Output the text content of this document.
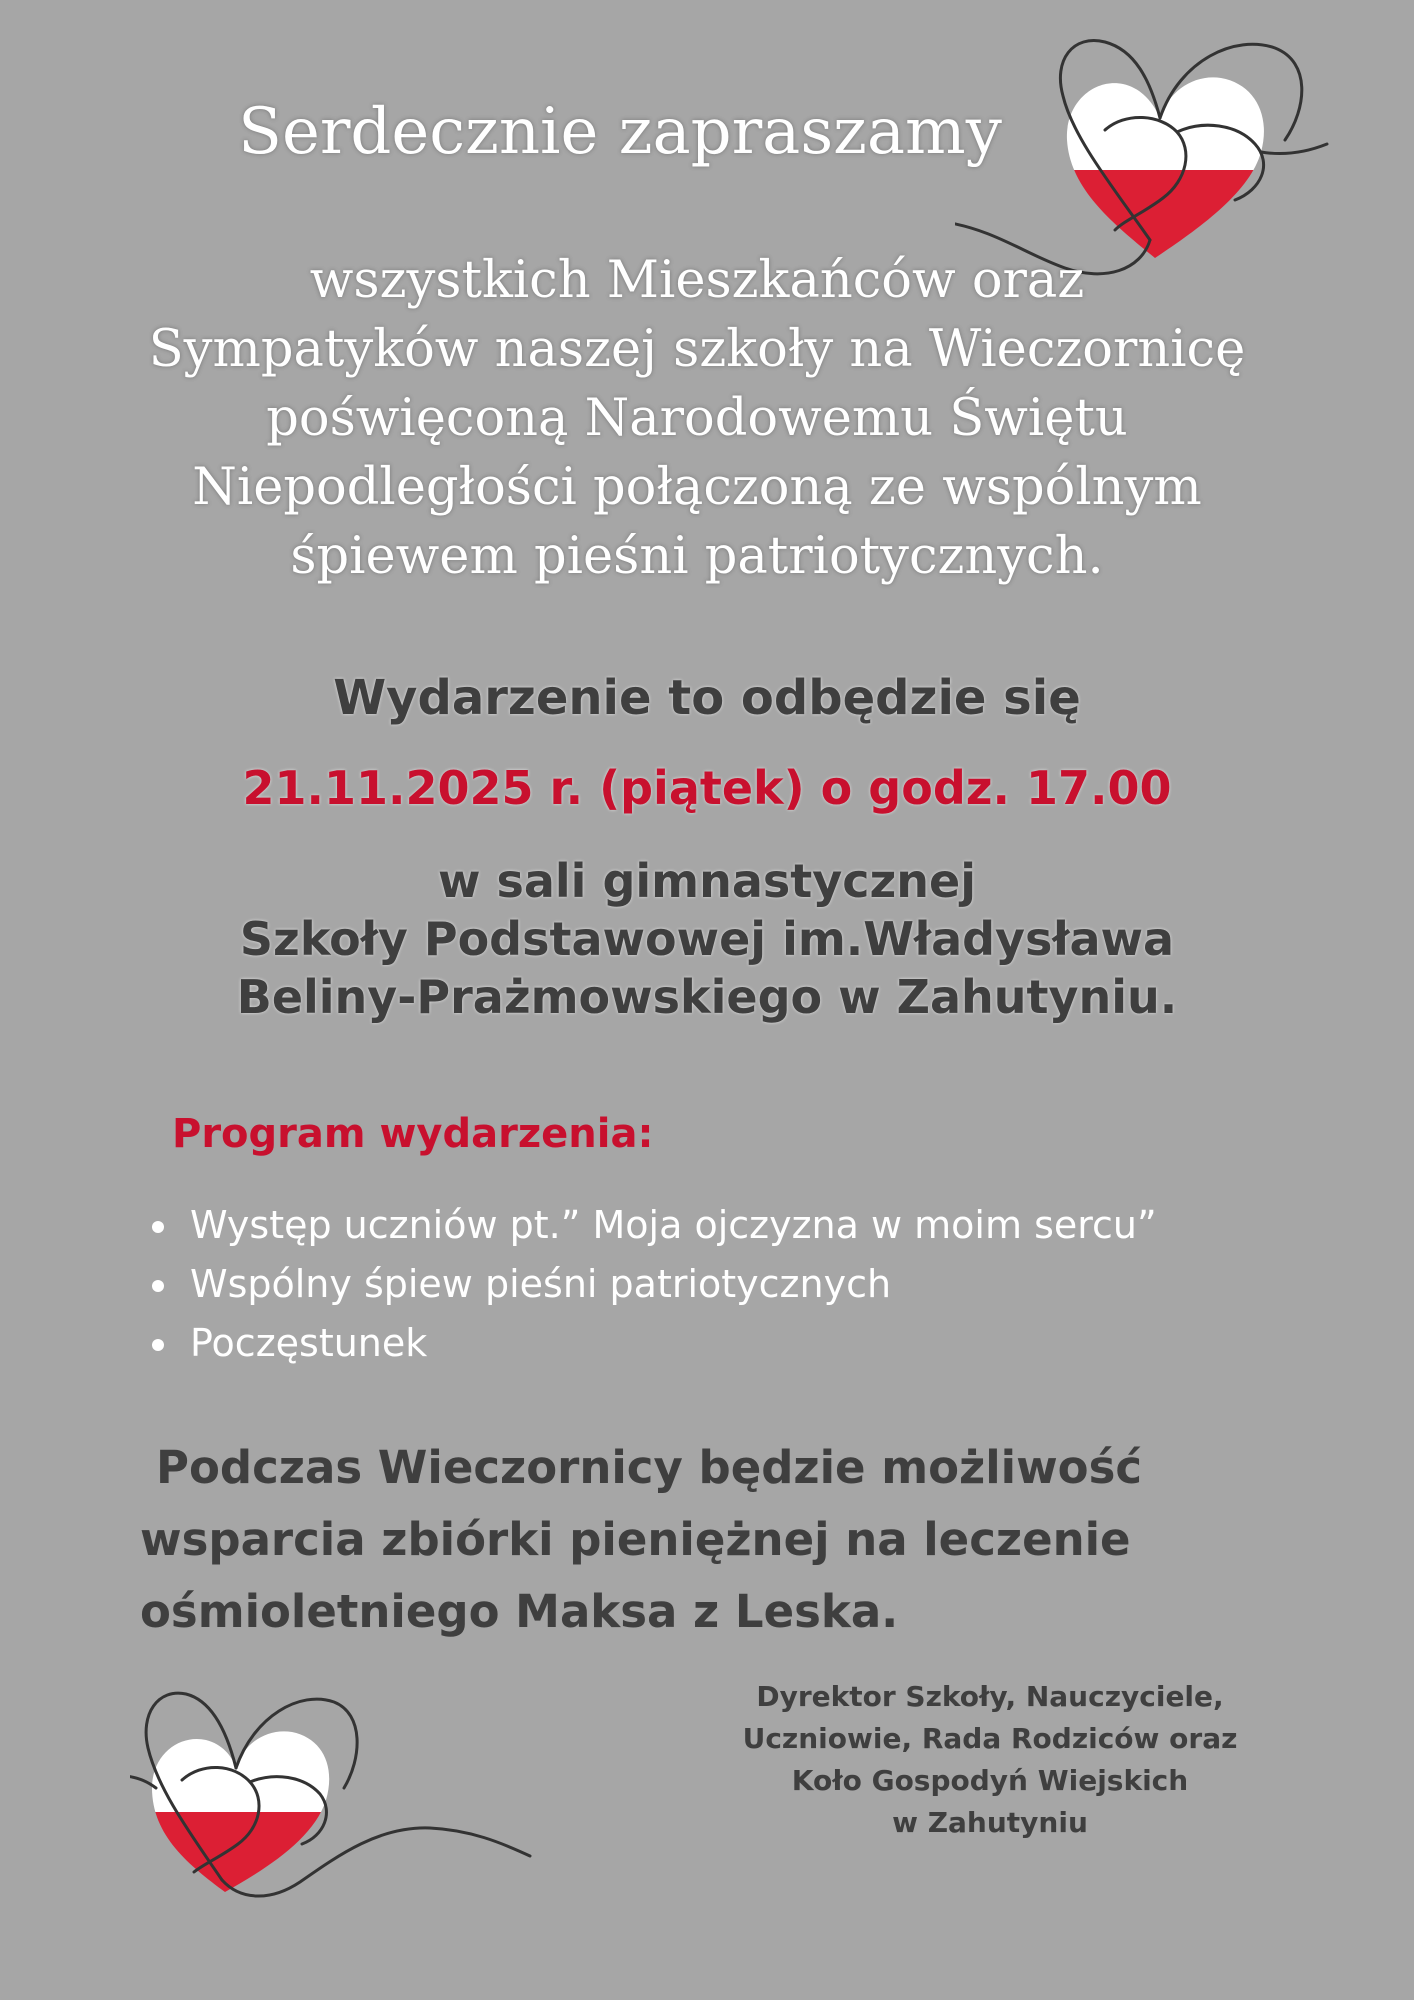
Serdecznie zapraszamy
wszystkich Mieszkańców oraz
Sympatyków naszej szkoły na Wieczornicę
poświęconą Narodowemu Świętu
Niepodległości połączoną ze wspólnym
śpiewem pieśni patriotycznych.
Wydarzenie to odbędzie się
21.11.2025 r. (piątek) o godz. 17.00
w sali gimnastycznej
Szkoły Podstawowej im.Władysława
Beliny-Prażmowskiego w Zahutyniu.
Program wydarzenia:
Występ uczniów pt.” Moja ojczyzna w moim sercu”
Wspólny śpiew pieśni patriotycznych
Poczęstunek
Podczas Wieczornicy będzie możliwość
wsparcia zbiórki pieniężnej na leczenie
ośmioletniego Maksa z Leska.
Dyrektor Szkoły, Nauczyciele,
Uczniowie, Rada Rodziców oraz
Koło Gospodyń Wiejskich
w Zahutyniu
